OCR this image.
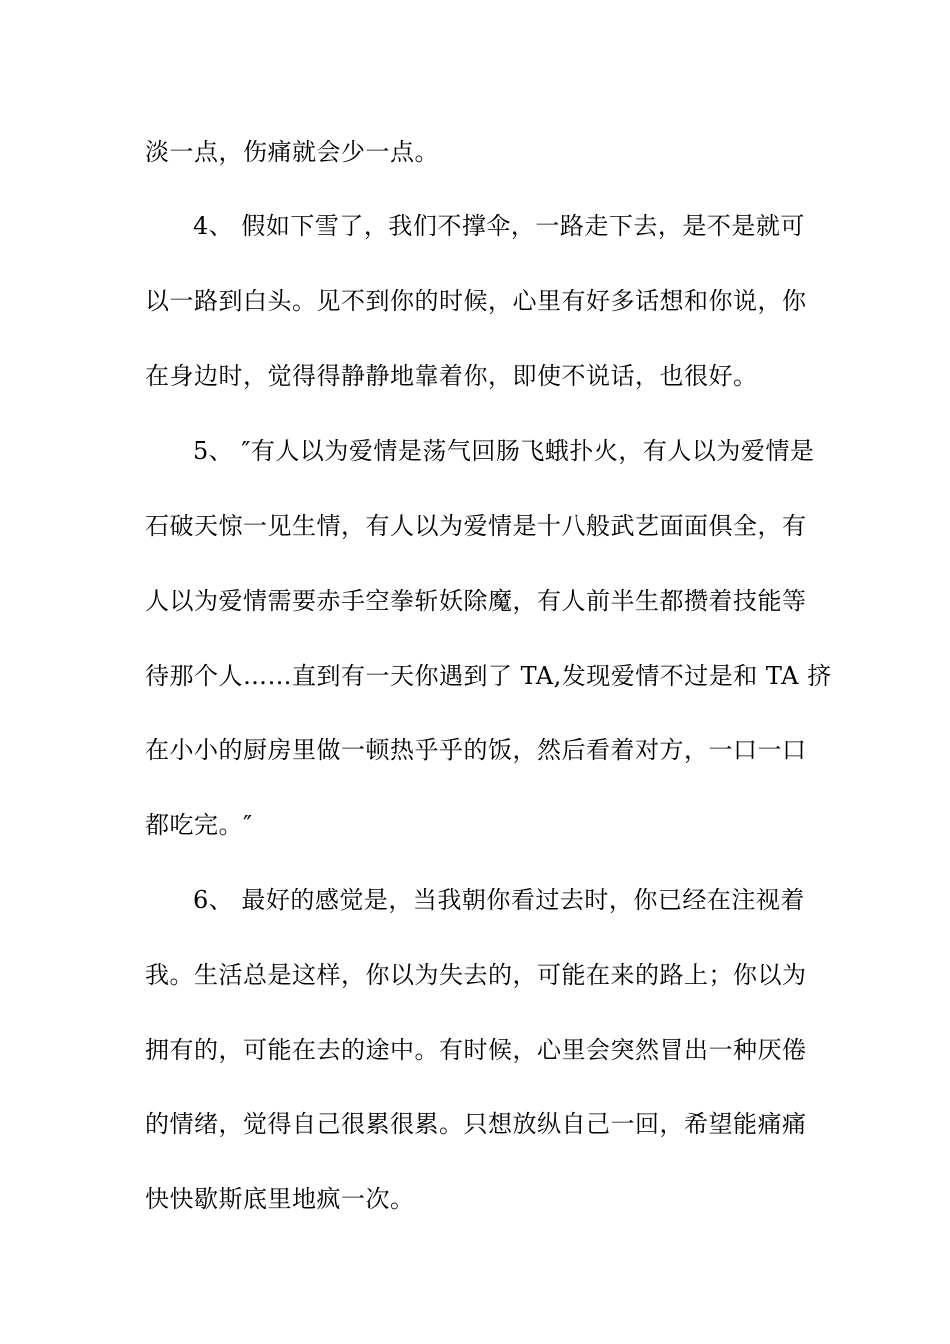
淡一点，伤痛就会少一点。
4、 假如下雪了，我们不撑伞，一路走下去，是不是就可
以一路到白头。见不到你的时候，心里有好多话想和你说，你
在身边时，觉得得静静地靠着你，即使不说话，也很好。
5、 ″有人以为爱情是荡气回肠飞蛾扑火，有人以为爱情是
石破天惊一见生情，有人以为爱情是十八般武艺面面俱全，有
人以为爱情需要赤手空拳斩妖除魔，有人前半生都攒着技能等
待那个人……直到有一天你遇到了 TA,发现爱情不过是和 TA 挤
在小小的厨房里做一顿热乎乎的饭，然后看着对方，一口一口
都吃完。″
6、 最好的感觉是，当我朝你看过去时，你已经在注视着
我。生活总是这样，你以为失去的，可能在来的路上；你以为
拥有的，可能在去的途中。有时候，心里会突然冒出一种厌倦
的情绪，觉得自己很累很累。只想放纵自己一回，希望能痛痛
快快歇斯底里地疯一次。
